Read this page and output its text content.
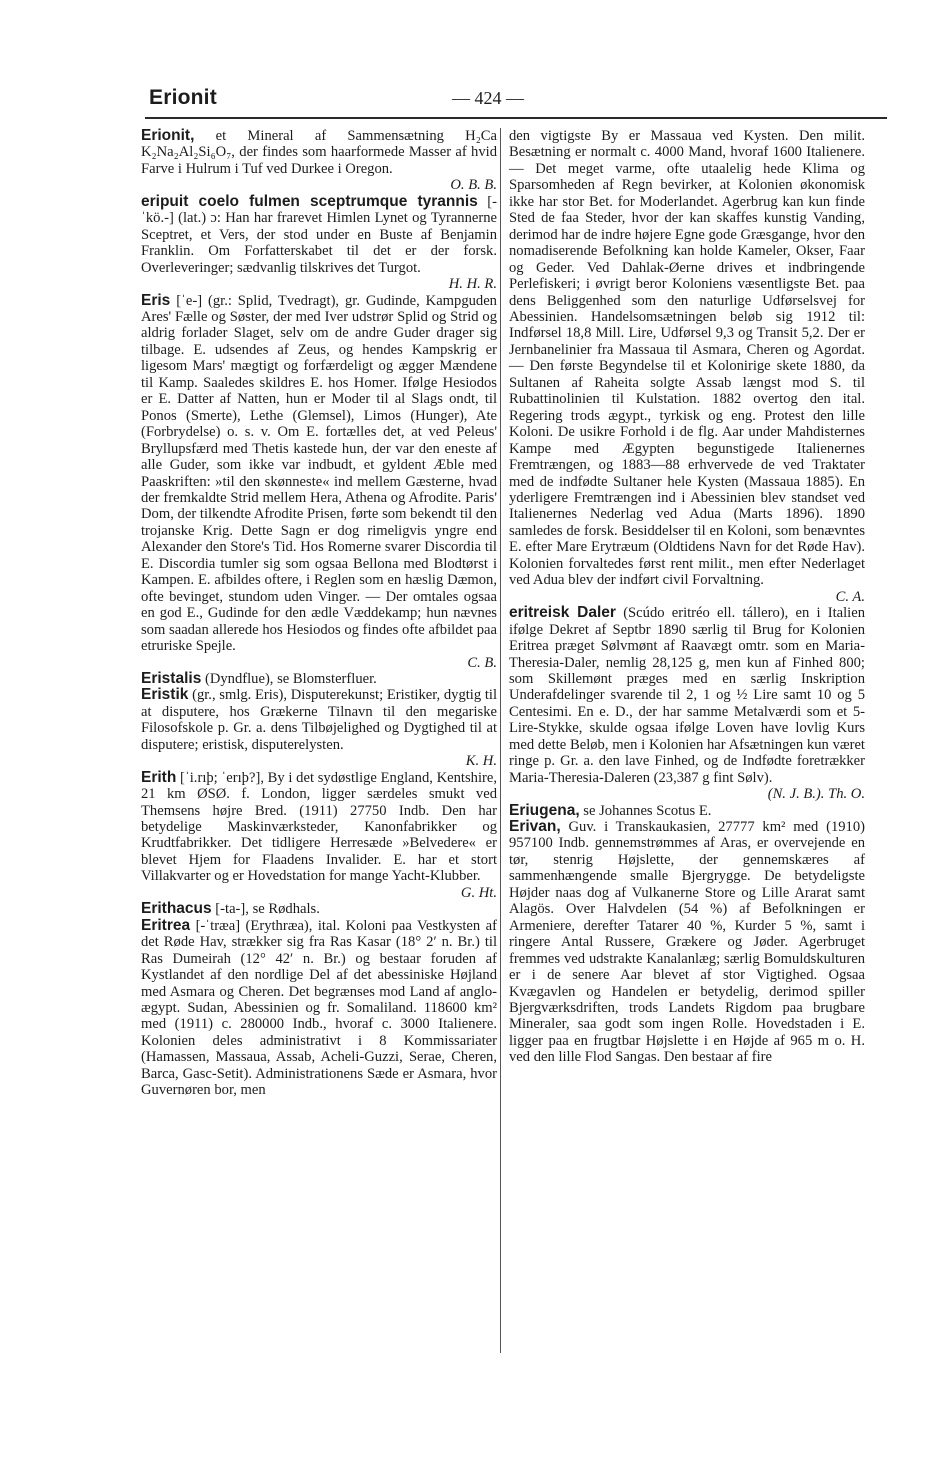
Erionit	— 424 —

Erionit, et Mineral af Sammensætning H₂Ca K₂Na₂Al₂Si₆O₇, der findes som haarformede Masser af hvid Farve i Hulrum i Tuf ved Durkee i Oregon.
O. B. B.

eripuit coelo fulmen sceptrumque tyrannis [-ˈkö.-] (lat.) ɔ: Han har frarevet Himlen Lynet og Tyrannerne Sceptret, et Vers, der stod under en Buste af Benjamin Franklin. Om Forfatterskabet til det er der forsk. Overleveringer; sædvanlig tilskrives det Turgot.
H. H. R.

Eris [ˈe-] (gr.: Splid, Tvedragt), gr. Gudinde, Kampguden Ares' Fælle og Søster, der med Iver udstrør Splid og Strid og aldrig forlader Slaget, selv om de andre Guder drager sig tilbage. E. udsendes af Zeus, og hendes Kampskrig er ligesom Mars' mægtigt og forfærdeligt og ægger Mændene til Kamp. Saaledes skildres E. hos Homer. Ifølge Hesiodos er E. Datter af Natten, hun er Moder til al Slags ondt, til Ponos (Smerte), Lethe (Glemsel), Limos (Hunger), Ate (Forbrydelse) o. s. v. Om E. fortælles det, at ved Peleus' Bryllupsfærd med Thetis kastede hun, der var den eneste af alle Guder, som ikke var indbudt, et gyldent Æble med Paaskriften: »til den skønneste« ind mellem Gæsterne, hvad der fremkaldte Strid mellem Hera, Athena og Afrodite. Paris' Dom, der tilkendte Afrodite Prisen, førte som bekendt til den trojanske Krig. Dette Sagn er dog rimeligvis yngre end Alexander den Store's Tid. Hos Romerne svarer Discordia til E. Discordia tumler sig som ogsaa Bellona med Blodtørst i Kampen. E. afbildes oftere, i Reglen som en hæslig Dæmon, ofte bevinget, stundom uden Vinger. — Der omtales ogsaa en god E., Gudinde for den ædle Væddekamp; hun nævnes som saadan allerede hos Hesiodos og findes ofte afbildet paa etruriske Spejle.
C. B.

Eristalis (Dyndflue), se Blomsterfluer.

Eristik (gr., smlg. Eris), Disputerekunst; Eristiker, dygtig til at disputere, hos Grækerne Tilnavn til den megariske Filosofskole p. Gr. a. dens Tilbøjelighed og Dygtighed til at disputere; eristisk, disputerelysten.
K. H.

Erith [ˈi.rıþ; ˈerıþ?], By i det sydøstlige England, Kentshire, 21 km ØSØ. f. London, ligger særdeles smukt ved Themsens højre Bred. (1911) 27750 Indb. Den har betydelige Maskinværksteder, Kanonfabrikker og Krudtfabrikker. Det tidligere Herresæde »Belvedere« er blevet Hjem for Flaadens Invalider. E. har et stort Villakvarter og er Hovedstation for mange Yacht-Klubber.
G. Ht.

Erithacus [-ta-], se Rødhals.

Eritrea [-ˈtræa] (Erythræa), ital. Koloni paa Vestkysten af det Røde Hav, strækker sig fra Ras Kasar (18° 2′ n. Br.) til Ras Dumeirah (12° 42′ n. Br.) og bestaar foruden af Kystlandet af den nordlige Del af det abessiniske Højland med Asmara og Cheren. Det begrænses mod Land af anglo-ægypt. Sudan, Abessinien og fr. Somaliland. 118600 km² med (1911) c. 280000 Indb., hvoraf c. 3000 Italienere. Kolonien deles administrativt i 8 Kommissariater (Hamassen, Massaua, Assab, Acheli-Guzzi, Serae, Cheren, Barca, Gasc-Setit). Administrationens Sæde er Asmara, hvor Guvernøren bor, men

den vigtigste By er Massaua ved Kysten. Den milit. Besætning er normalt c. 4000 Mand, hvoraf 1600 Italienere. — Det meget varme, ofte utaalelig hede Klima og Sparsomheden af Regn bevirker, at Kolonien økonomisk ikke har stor Bet. for Moderlandet. Agerbrug kan kun finde Sted de faa Steder, hvor der kan skaffes kunstig Vanding, derimod har de indre højere Egne gode Græsgange, hvor den nomadiserende Befolkning kan holde Kameler, Okser, Faar og Geder. Ved Dahlak-Øerne drives et indbringende Perlefiskeri; i øvrigt beror Koloniens væsentligste Bet. paa dens Beliggenhed som den naturlige Udførselsvej for Abessinien. Handelsomsætningen beløb sig 1912 til: Indførsel 18,8 Mill. Lire, Udførsel 9,3 og Transit 5,2. Der er Jernbanelinier fra Massaua til Asmara, Cheren og Agordat. — Den første Begyndelse til et Kolonirige skete 1880, da Sultanen af Raheita solgte Assab længst mod S. til Rubattinolinien til Kulstation. 1882 overtog den ital. Regering trods ægypt., tyrkisk og eng. Protest den lille Koloni. De usikre Forhold i de flg. Aar under Mahdisternes Kampe med Ægypten begunstigede Italienernes Fremtrængen, og 1883—88 erhvervede de ved Traktater med de indfødte Sultaner hele Kysten (Massaua 1885). En yderligere Fremtrængen ind i Abessinien blev standset ved Italienernes Nederlag ved Adua (Marts 1896). 1890 samledes de forsk. Besiddelser til en Koloni, som benævntes E. efter Mare Erytræum (Oldtidens Navn for det Røde Hav). Kolonien forvaltedes først rent milit., men efter Nederlaget ved Adua blev der indført civil Forvaltning.
C. A.

eritreisk Daler (Scúdo eritréo ell. tállero), en i Italien ifølge Dekret af Septbr 1890 særlig til Brug for Kolonien Eritrea præget Sølvmønt af Raavægt omtr. som en Maria-Theresia-Daler, nemlig 28,125 g, men kun af Finhed 800; som Skillemønt præges med en særlig Inskription Underafdelinger svarende til 2, 1 og ½ Lire samt 10 og 5 Centesimi. En e. D., der har samme Metalværdi som et 5-Lire-Stykke, skulde ogsaa ifølge Loven have lovlig Kurs med dette Beløb, men i Kolonien har Afsætningen kun været ringe p. Gr. a. den lave Finhed, og de Indfødte foretrækker Maria-Theresia-Daleren (23,387 g fint Sølv).
(N. J. B.). Th. O.

Eriugena, se Johannes Scotus E.

Erivan, Guv. i Transkaukasien, 27777 km² med (1910) 957100 Indb. gennemstrømmes af Aras, er overvejende en tør, stenrig Højslette, der gennemskæres af sammenhængende smalle Bjergrygge. De betydeligste Højder naas dog af Vulkanerne Store og Lille Ararat samt Alagös. Over Halvdelen (54 %) af Befolkningen er Armeniere, derefter Tatarer 40 %, Kurder 5 %, samt i ringere Antal Russere, Grækere og Jøder. Agerbruget fremmes ved udstrakte Kanalanlæg; særlig Bomuldskulturen er i de senere Aar blevet af stor Vigtighed. Ogsaa Kvægavlen og Handelen er betydelig, derimod spiller Bjergværksdriften, trods Landets Rigdom paa brugbare Mineraler, saa godt som ingen Rolle. Hovedstaden i E. ligger paa en frugtbar Højslette i en Højde af 965 m o. H. ved den lille Flod Sangas. Den bestaar af fire
